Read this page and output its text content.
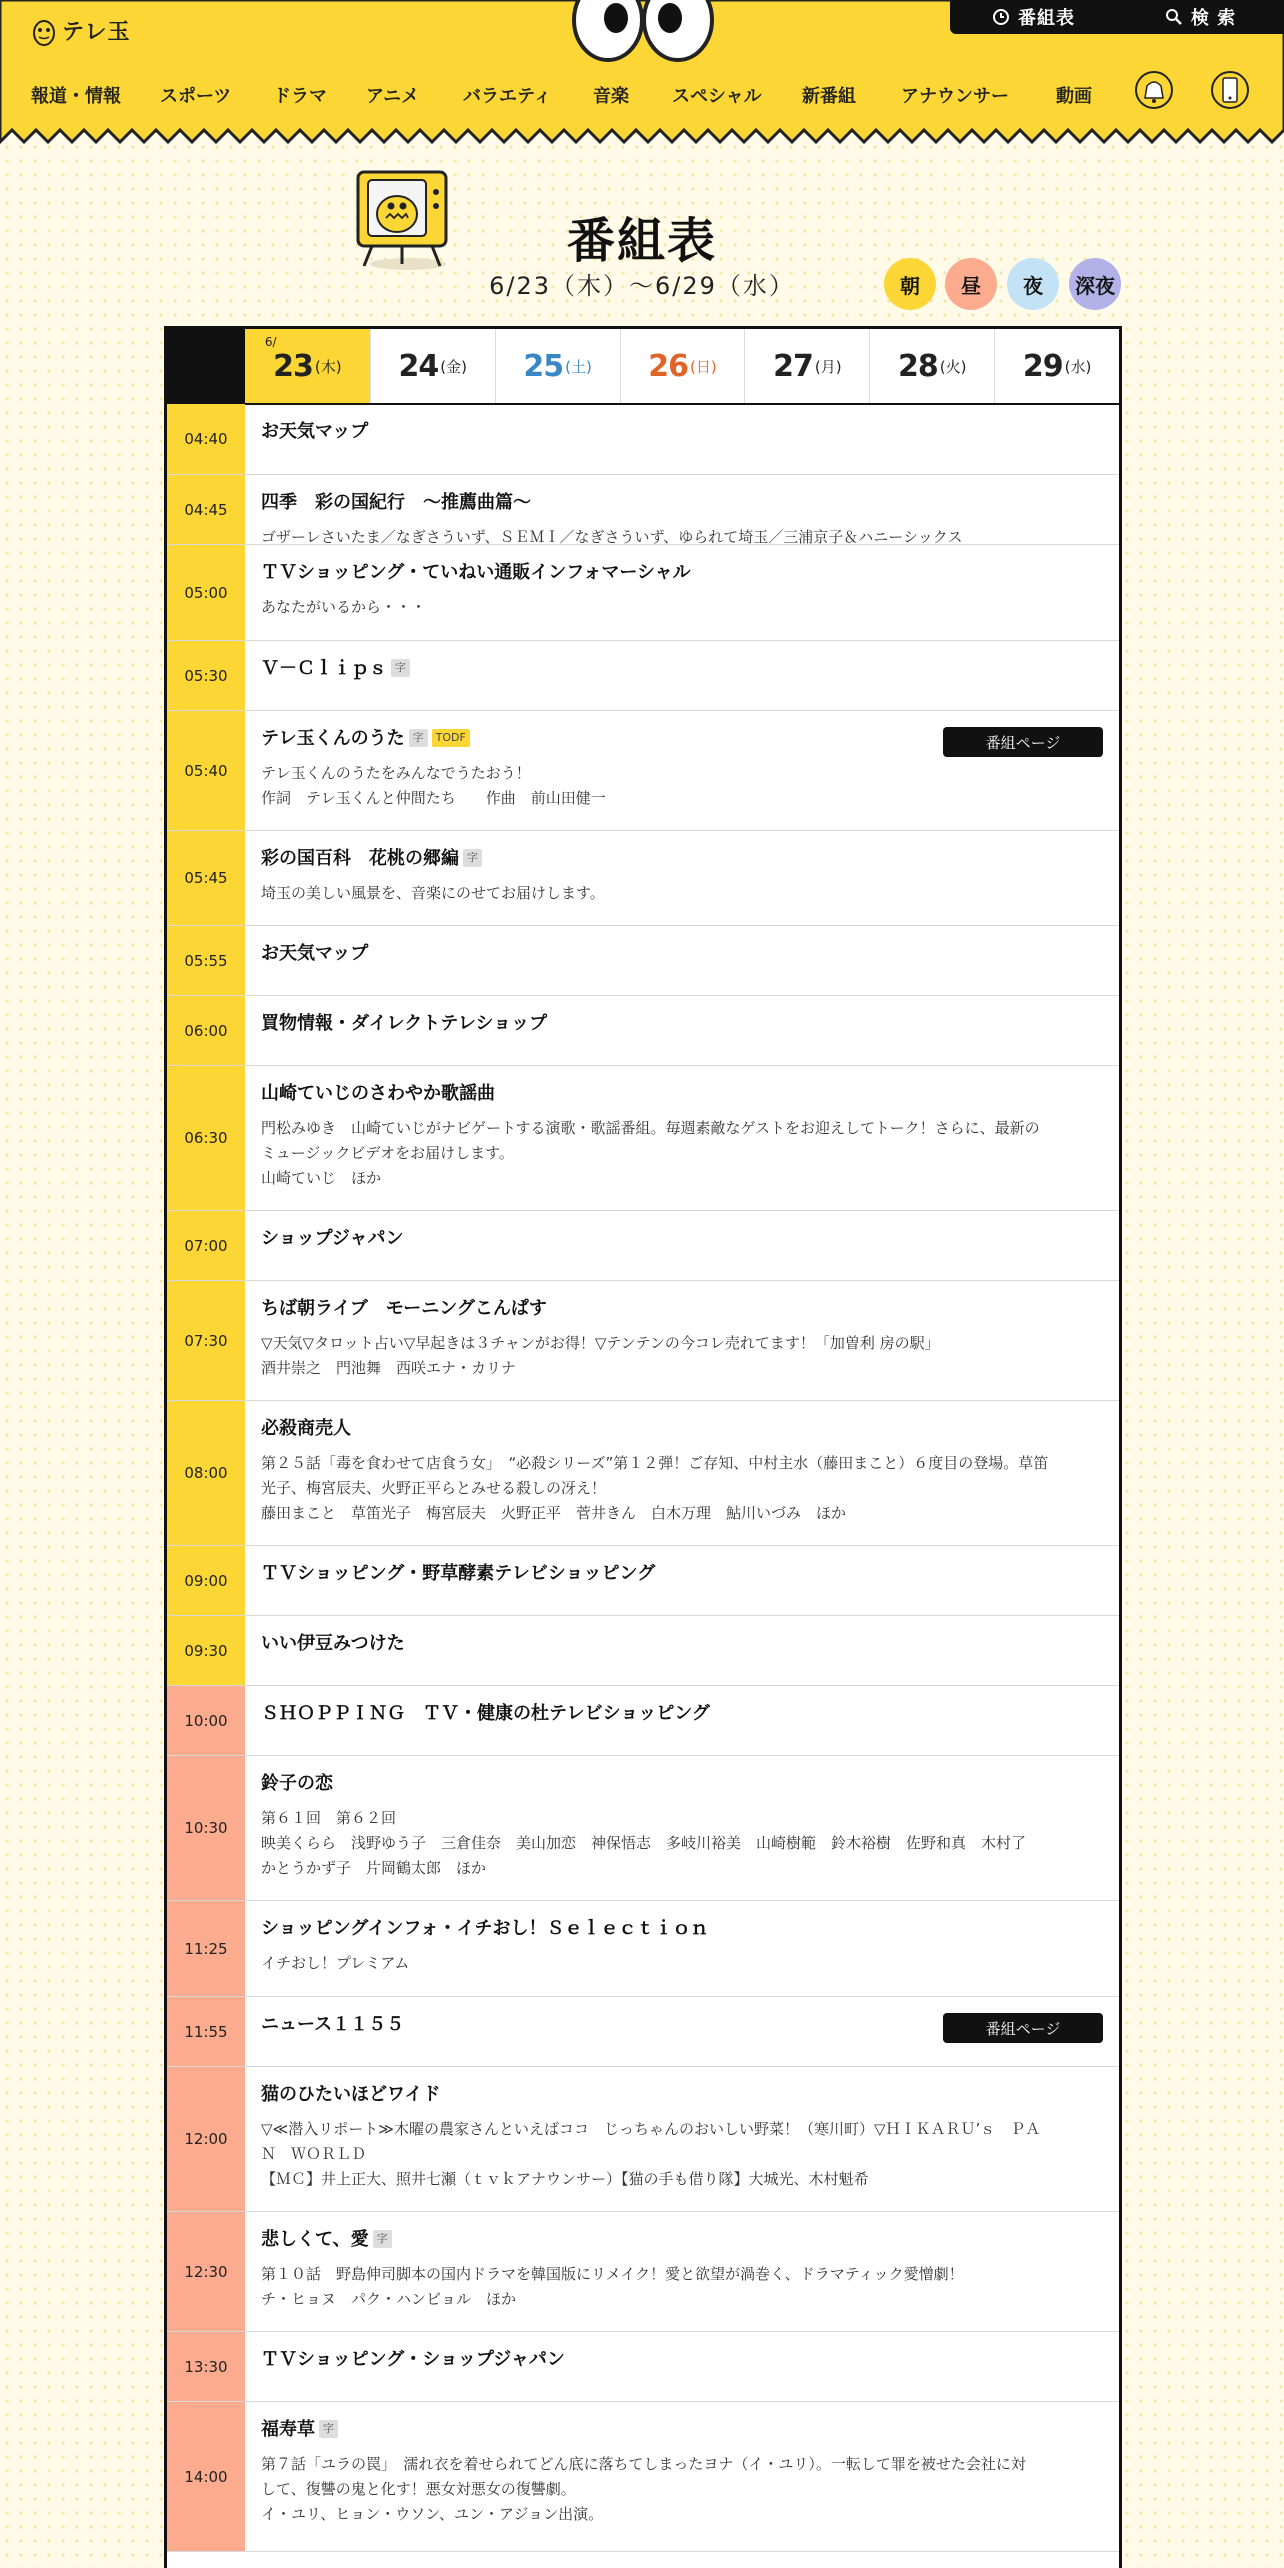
テレ玉
番組表	検 索
報道・情報 スポーツ ドラマ アニメ バラエティ 音楽 スペシャル 新番組	アナウンサー	動画
番組表
6/23（木）〜6/29（水）	朝	昼	夜	深夜
6/
23 (木) 24 (金) 25 (土) 26 (日) 27 (月) 28 (火) 29 (水)
04:40	お天気マップ
04:45	四季　彩の国紀行　～推薦曲篇～
ゴザーレさいたま／なぎさういず、ＳＥＭＩ／なぎさういず、ゆられて埼玉／三浦京子＆ハニーシックス
05:00
ＴＶショッピング・ていねい通販インフォマーシャル
あなたがいるから・・・
05:30	Ｖ－Ｃｌｉｐｓ 字
05:40
テレ玉くんのうた 字 TODF
テレ玉くんのうたをみんなでうたおう！
作詞　テレ玉くんと仲間たち　　作曲　前山田健一
番組ページ
05:45
彩の国百科　花桃の郷編 字
埼玉の美しい風景を、音楽にのせてお届けします。
05:55	お天気マップ
06:00	買物情報・ダイレクトテレショップ
06:30
山崎ていじのさわやか歌謡曲
門松みゆき　山崎ていじがナビゲートする演歌・歌謡番組。毎週素敵なゲストをお迎えしてトーク！さらに、最新の
ミュージックビデオをお届けします。
山崎ていじ　ほか
07:00	ショップジャパン
07:30
ちば朝ライブ　モーニングこんぱす
▽天気▽タロット占い▽早起きは３チャンがお得！▽テンテンの今コレ売れてます！「加曽利 房の駅」
酒井崇之　門池舞　西咲エナ・カリナ
08:00
必殺商売人
第２５話「毒を食わせて店食う女」　“必殺シリーズ”第１２弾！ご存知、中村主水（藤田まこと）６度目の登場。草笛
光子、梅宮辰夫、火野正平らとみせる殺しの冴え！
藤田まこと　草笛光子　梅宮辰夫　火野正平　菅井きん　白木万理　鮎川いづみ　ほか
09:00	ＴＶショッピング・野草酵素テレビショッピング
09:30	いい伊豆みつけた
10:00	ＳＨＯＰＰＩＮＧ　ＴＶ・健康の杜テレビショッピング
10:30
鈴子の恋
第６１回　第６２回
映美くらら　浅野ゆう子　三倉佳奈　美山加恋　神保悟志　多岐川裕美　山崎樹範　鈴木裕樹　佐野和真　木村了
かとうかず子　片岡鶴太郎　ほか
11:25
ショッピングインフォ・イチおし！Ｓｅｌｅｃｔｉｏｎ
イチおし！プレミアム
11:55	ニュース１１５５	番組ページ
12:00
猫のひたいほどワイド
▽≪潜入リポート≫木曜の農家さんといえばココ　じっちゃんのおいしい野菜！（寒川町）▽ＨＩＫＡＲＵ’ｓ　ＰＡ
Ｎ　ＷＯＲＬＤ
【ＭＣ】井上正大、照井七瀬（ｔｖｋアナウンサー）【猫の手も借り隊】大城光、木村魁希
12:30
悲しくて、愛 字
第１０話　野島伸司脚本の国内ドラマを韓国版にリメイク！愛と欲望が渦巻く、ドラマティック愛憎劇！
チ・ヒョヌ　パク・ハンビョル　ほか
13:30	ＴＶショッピング・ショップジャパン
14:00
福寿草 字
第７話「ユラの罠」　濡れ衣を着せられてどん底に落ちてしまったヨナ（イ・ユリ）。一転して罪を被せた会社に対
して、復讐の鬼と化す！悪女対悪女の復讐劇。
イ・ユリ、ヒョン・ウソン、ユン・アジョン出演。
